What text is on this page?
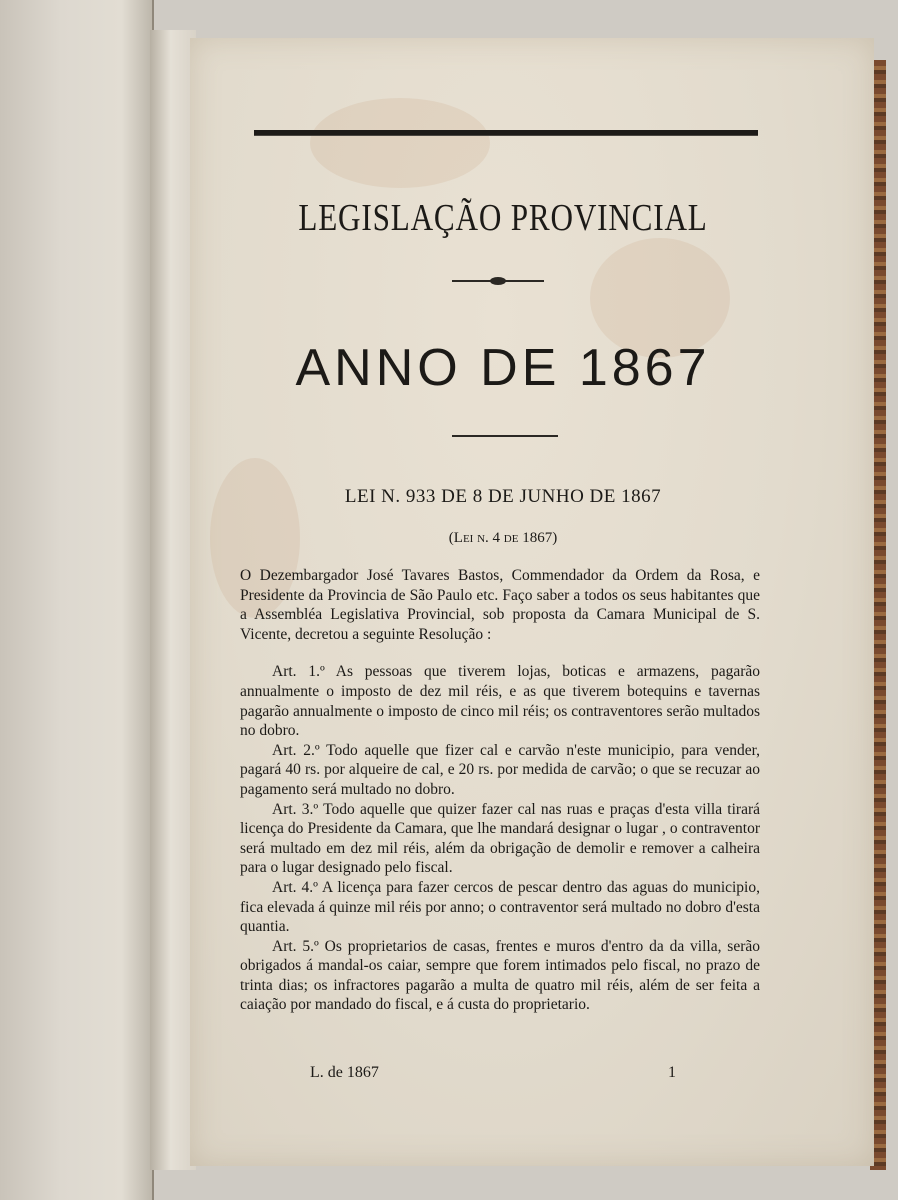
LEGISLAÇÃO PROVINCIAL
ANNO DE 1867
LEI N. 933 DE 8 DE JUNHO DE 1867
(Lei n. 4 de 1867)

O Dezembargador José Tavares Bastos, Commendador da Ordem da Rosa, e Presidente da Provincia de São Paulo etc. Faço saber a todos os seus habitantes que a Assembléa Legislativa Provincial, sob proposta da Camara Municipal de S. Vicente, decretou a seguinte Resolução :

Art. 1.º As pessoas que tiverem lojas, boticas e armazens, pagarão annualmente o imposto de dez mil réis, e as que tiverem botequins e tavernas pagarão annualmente o imposto de cinco mil réis; os contraventores serão multados no dobro.

Art. 2.º Todo aquelle que fizer cal e carvão n'este municipio, para vender, pagará 40 rs. por alqueire de cal, e 20 rs. por medida de carvão; o que se recuzar ao pagamento será multado no dobro.

Art. 3.º Todo aquelle que quizer fazer cal nas ruas e praças d'esta villa tirará licença do Presidente da Camara, que lhe mandará designar o lugar , o contraventor será multado em dez mil réis, além da obrigação de demolir e remover a calheira para o lugar designado pelo fiscal.

Art. 4.º A licença para fazer cercos de pescar dentro das aguas do municipio, fica elevada á quinze mil réis por anno; o contraventor será multado no dobro d'esta quantia.

Art. 5.º Os proprietarios de casas, frentes e muros d'entro da da villa, serão obrigados á mandal-os caiar, sempre que forem intimados pelo fiscal, no prazo de trinta dias; os infractores pagarão a multa de quatro mil réis, além de ser feita a caiação por mandado do fiscal, e á custa do proprietario.

L. de 1867	1
